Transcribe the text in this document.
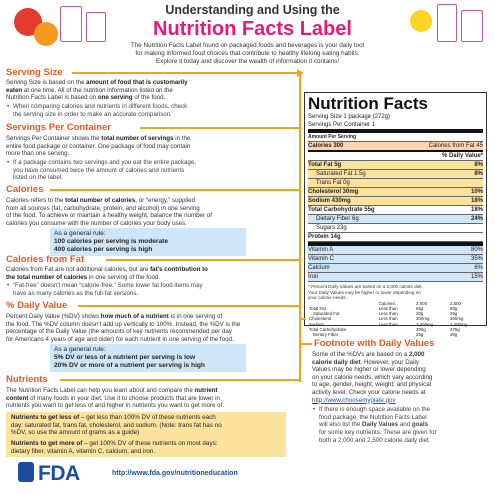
Understanding and Using the
Nutrition Facts Label
The Nutrition Facts Label found on packaged foods and beverages is your daily tool
for making informed food choices that contribute to healthy lifelong eating habits.
Explore it today and discover the wealth of information it contains!
Serving Size
Serving Size is based on the amount of food that is customarily
eaten at one time. All of the nutrition information listed on the
Nutrition Facts Label is based on one serving of the food.
• When comparing calories and nutrients in different foods, check
the serving size in order to make an accurate comparison.
Servings Per Container
Servings Per Container shows the total number of servings in the
entire food package or container. One package of food may contain
more than one serving.
• If a package contains two servings and you eat the entire package,
you have consumed twice the amount of calories and nutrients
listed on the label.
Calories
Calories refers to the total number of calories, or “energy,” supplied
from all sources (fat, carbohydrate, protein, and alcohol) in one serving
of the food. To achieve or maintain a healthy weight, balance the number of
calories you consume with the number of calories your body uses.
As a general rule:
100 calories per serving is moderate
400 calories per serving is high
Calories from Fat
Calories from Fat are not additional calories, but are fat's contribution to
the total number of calories in one serving of the food.
• “Fat-free” doesn't mean “calorie-free.” Some lower fat food items may
have as many calories as the full-fat versions.
% Daily Value
Percent Daily Value (%DV) shows how much of a nutrient is in one serving of
the food. The %DV column doesn't add up vertically to 100%. Instead, the %DV is the
percentage of the Daily Value (the amounts of key nutrients recommended per day
for Americans 4 years of age and older) for each nutrient in one serving of the food.
As a general rule:
5% DV or less of a nutrient per serving is low
20% DV or more of a nutrient per serving is high
Nutrients
The Nutrition Facts Label can help you learn about and compare the nutrient
content of many foods in your diet. Use it to choose products that are lower in
nutrients you want to get less of and higher in nutrients you want to get more of.
Nutrients to get less of – get less than 100% DV of these nutrients each
day: saturated fat, trans fat, cholesterol, and sodium. (Note: trans fat has no
%DV, so use the amount of grams as a guide)
Nutrients to get more of – get 100% DV of these nutrients on most days:
dietary fiber, vitamin A, vitamin C, calcium, and iron.
Nutrition Facts
Serving Size 1 package (272g)
Servings Per Container 1
Amount Per Serving
Calories 300	Calories from Fat 45
% Daily Value*
Total Fat 5g	8%
Saturated Fat 1.5g	8%
Trans Fat 0g
Cholesterol 30mg	10%
Sodium 430mg	18%
Total Carbohydrate 55g	18%
Dietary Fiber 6g	24%
Sugars 23g
Protein 14g
Vitamin A	80%
Vitamin C	35%
Calcium	6%
Iron	15%
* Percent Daily Values are based on a 2,000 calorie diet.
Your Daily Values may be higher or lower depending on
your calorie needs.
	Calories:	2,000	2,500
Total Fat	Less than	65g	80g
Saturated Fat	Less than	20g	25g
Cholesterol	Less than	300mg	300mg
Sodium	Less than	2,400mg	2,400mg
Total Carbohydrate		300g	375g
Dietary Fiber		25g	30g
Footnote with Daily Values
Some of the %DVs are based on a 2,000
calorie daily diet. However, your Daily
Values may be higher or lower depending
on your calorie needs, which vary according
to age, gender, height, weight, and physical
activity level. Check your calorie needs at
http://www.choosemyplate.gov
• If there is enough space available on the
food package, the Nutrition Facts Label
will also list the Daily Values and goals
for some key nutrients. These are given for
both a 2,000 and 2,500 calorie daily diet.
FDA	http://www.fda.gov/nutritioneducation
